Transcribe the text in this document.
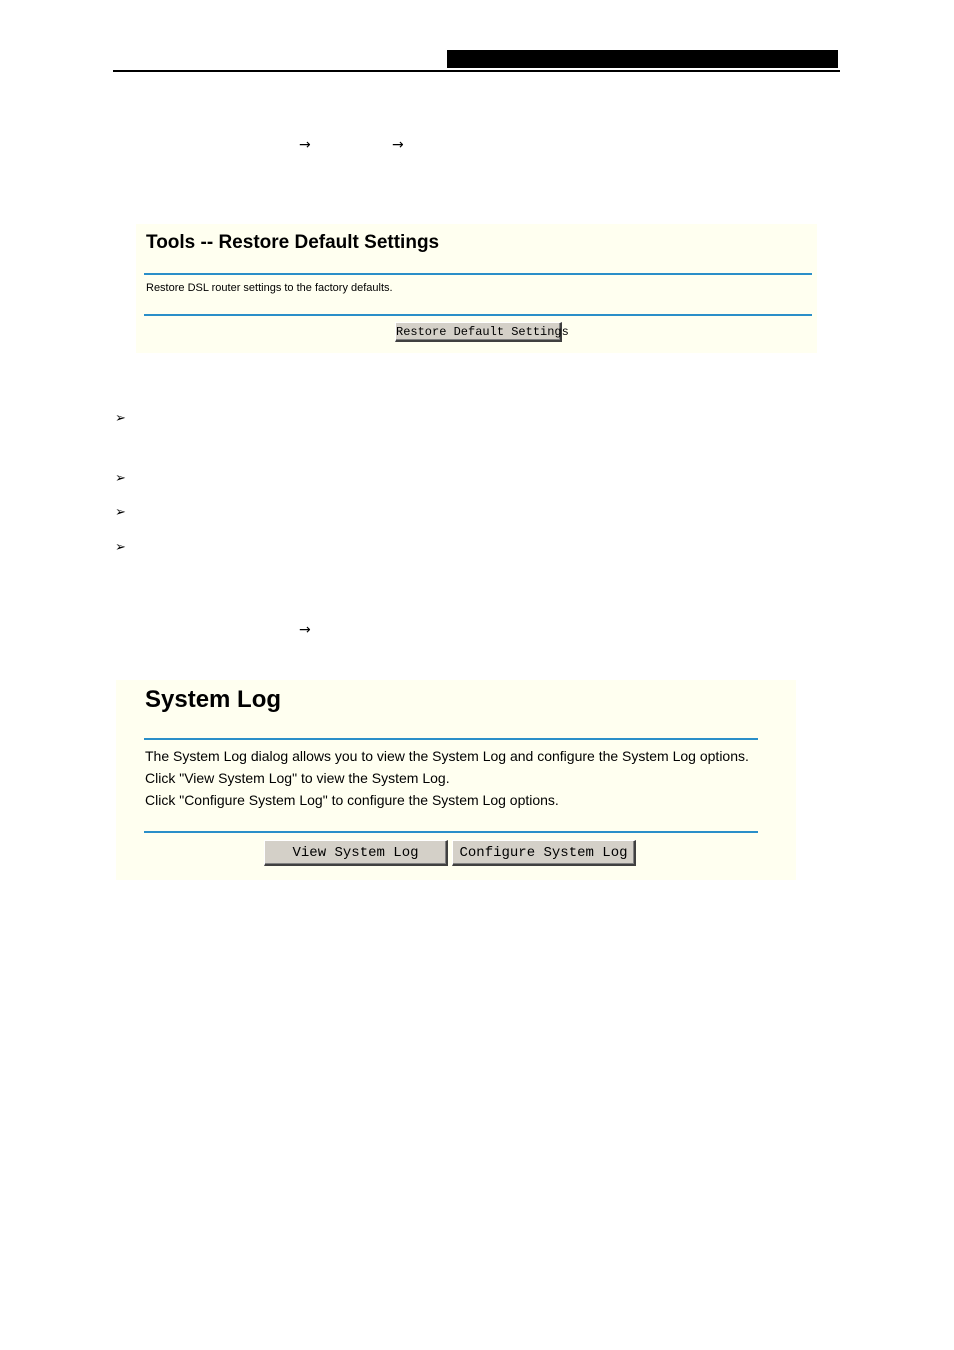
→	→
Tools -- Restore Default Settings
Restore DSL router settings to the factory defaults.
Restore Default Settings
➢
➢
➢
➢
→
System Log
The System Log dialog allows you to view the System Log and configure the System Log options.
Click "View System Log" to view the System Log.
Click "Configure System Log" to configure the System Log options.
View System Log	Configure System Log
